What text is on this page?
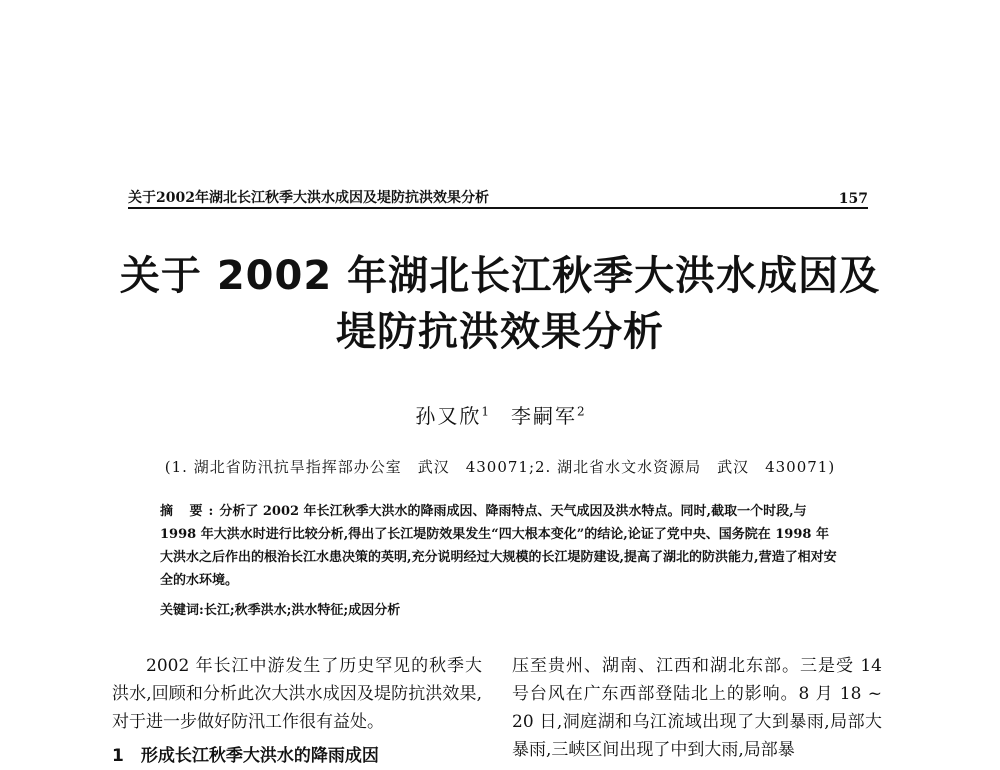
关于2002年湖北长江秋季大洪水成因及堤防抗洪效果分析	157
关于 2002 年湖北长江秋季大洪水成因及
堤防抗洪效果分析
孙又欣$^1$ 李嗣军$^2$
(1. 湖北省防汛抗旱指挥部办公室　武汉　430071;2. 湖北省水文水资源局　武汉　430071)
摘 要:分析了 2002 年长江秋季大洪水的降雨成因、降雨特点、天气成因及洪水特点。同时,截取一个时段,与 1998 年大洪水时进行比较分析,得出了长江堤防效果发生“四大根本变化”的结论,论证了党中央、国务院在 1998 年大洪水之后作出的根治长江水患决策的英明,充分说明经过大规模的长江堤防建设,提高了湖北的防洪能力,营造了相对安全的水环境。
关键词:长江;秋季洪水;洪水特征;成因分析

2002 年长江中游发生了历史罕见的秋季大洪水,回顾和分析此次大洪水成因及堤防抗洪效果,对于进一步做好防汛工作很有益处。

1　形成长江秋季大洪水的降雨成因

压至贵州、湖南、江西和湖北东部。三是受 14 号台风在广东西部登陆北上的影响。8 月 18 ~ 20 日,洞庭湖和乌江流域出现了大到暴雨,局部大暴雨,三峡区间出现了中到大雨,局部暴
